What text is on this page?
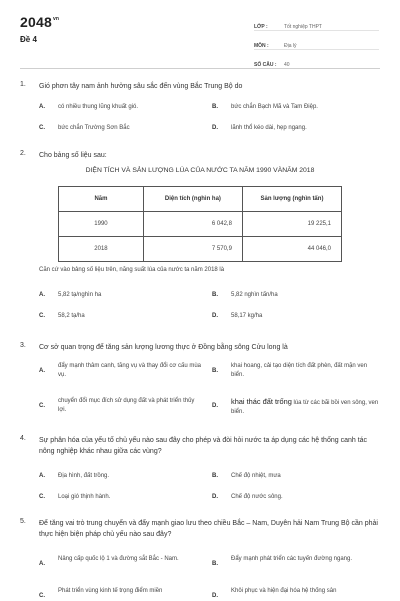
$2048^{vn}$
Đề 4
LỚP :	Tốt nghiệp THPT
MÔN :	Địa lý
SỐ CÂU :	40
1. Gió phơn tây nam ảnh hưởng sâu sắc đến vùng Bắc Trung Bộ do
A. có nhiều thung lũng khuất gió.	B. bức chắn Bạch Mã và Tam Điệp.
C. bức chắn Trường Sơn Bắc	D. lãnh thổ kéo dài, hẹp ngang.
2. Cho bảng số liệu sau:
DIỆN TÍCH VÀ SẢN LƯỢNG LÚA CỦA NƯỚC TA NĂM 1990 VÀNĂM 2018
Năm	Diện tích (nghìn ha)	Sản lượng (nghìn tấn)
1990	6 042,8	19 225,1
2018	7 570,9	44 046,0
Căn cứ vào bảng số liệu trên, năng suất lúa của nước ta năm 2018 là
A. 5,82 tạ/nghìn ha	B. 5,82 nghìn tấn/ha
C. 58,2 tạ/ha	D. 58,17 kg/ha
3. Cơ sở quan trọng để tăng sản lượng lương thực ở Đồng bằng sông Cửu long là
A.
đẩy mạnh thâm canh, tăng vụ và thay đổi cơ cấu mùa vụ.
B.
khai hoang, cải tạo diện tích đất phèn, đất mặn ven biển.
C.
chuyển đổi mục đích sử dụng đất và phát triển thủy lợi.
D. khai thác đất trống lúa từ các bãi bồi ven sông, ven biển.
4. Sự phân hóa của yếu tố chủ yếu nào sau đây cho phép và đòi hỏi nước ta áp dụng các hệ thống canh tác nông nghiệp khác nhau giữa các vùng?
A. Địa hình, đất trồng.	B. Chế độ nhiệt, mưa
C. Loại gió thịnh hành.	D. Chế độ nước sông.
5. Để tăng vai trò trung chuyển và đẩy mạnh giao lưu theo chiều Bắc – Nam, Duyên hải Nam Trung Bộ cần phải thực hiện biện pháp chủ yếu nào sau đây?
A.
Nâng cấp quốc lộ 1 và đường sắt Bắc - Nam.
B.
Đẩy mạnh phát triển các tuyến đường ngang.
C.
Phát triển vùng kinh tế trọng điểm miền
D.
Khôi phục và hiện đại hóa hệ thống sân
